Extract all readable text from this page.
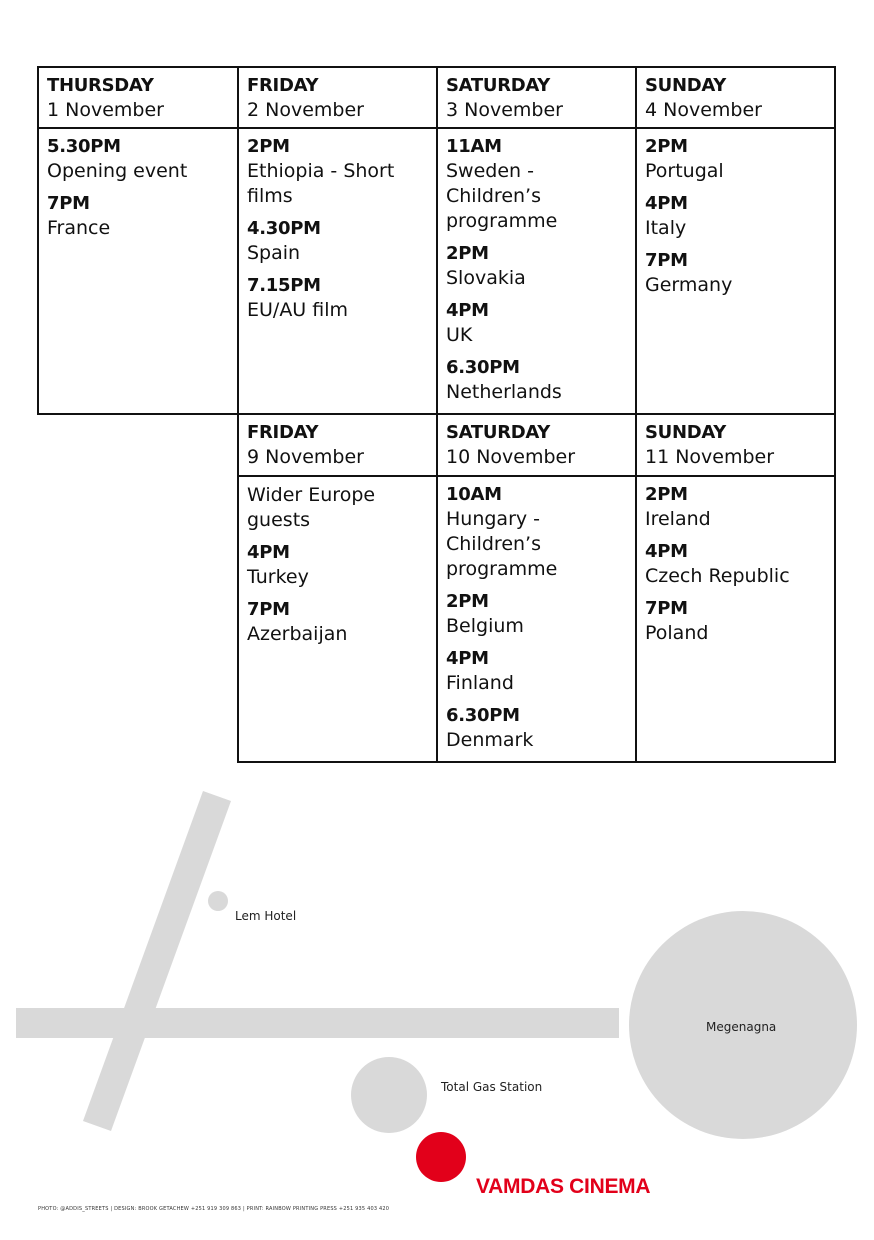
THURSDAY
1 November
FRIDAY
2 November
SATURDAY
3 November
SUNDAY
4 November
5.30PM
Opening event
7PM
France
2PM
Ethiopia - Short films
4.30PM
Spain
7.15PM
EU/AU film
11AM
Sweden - Children’s programme
2PM
Slovakia
4PM
UK
6.30PM
Netherlands
2PM
Portugal
4PM
Italy
7PM
Germany
FRIDAY
9 November
SATURDAY
10 November
SUNDAY
11 November
Wider Europe guests
4PM
Turkey
7PM
Azerbaijan
10AM
Hungary - Children’s programme
2PM
Belgium
4PM
Finland
6.30PM
Denmark
2PM
Ireland
4PM
Czech Republic
7PM
Poland
Lem Hotel
Megenagna
Total Gas Station
VAMDAS CINEMA
PHOTO: @ADDIS_STREETS | DESIGN: BROOK GETACHEW +251 919 309 863 | PRINT: RAINBOW PRINTING PRESS +251 935 403 420
